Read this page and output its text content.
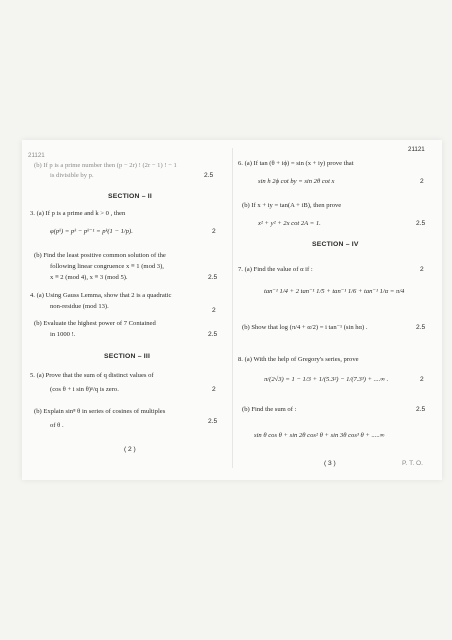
21121
(b) If p is a prime number then (p − 2r) ! (2r − 1) ! − 1
is divisible by p.	2.5
SECTION – II
3. (a) If p is a prime and k > 0 , then
φ(pᵏ) = pᵏ − pᵏ⁻¹ = pᵏ(1 − 1/p).	2
(b) Find the least positive common solution of the
following linear congruence x ≡ 1 (mod 3),
x ≡ 2 (mod 4), x ≡ 3 (mod 5).	2.5
4. (a) Using Gauss Lemma, show that 2 is a quadratic
non-residue (mod 13).
2
(b) Evaluate the highest power of 7 Contained
in 1000 !.	2.5
SECTION – III
5. (a) Prove that the sum of q distinct values of
(cos θ + i sin θ)ᵖ/q is zero.	2
(b) Explain sin⁸ θ in series of cosines of multiples
of θ .
2.5
( 2 )
21121
6. (a) If tan (θ + iϕ) = sin (x + iy) prove that
sin h 2ϕ cot by = sin 2θ cot x	2
(b) If x + iy = tan(A + iB), then prove
x² + y² + 2x cot 2A = 1.	2.5
SECTION – IV
7. (a) Find the value of α if :	2
tan⁻¹ 1/4 + 2 tan⁻¹ 1/5 + tan⁻¹ 1/6 + tan⁻¹ 1/α = π/4
(b) Show that log (π/4 + α/2) = i tan⁻¹ (sin hα) .	2.5
8. (a) With the help of Gregory's series, prove
π/(2√3) = 1 − 1/3 + 1/(5.3²) − 1/(7.3³) + ....∞ .	2
(b) Find the sum of :	2.5
sin θ cos θ + sin 2θ cos² θ + sin 3θ cos³ θ + .....∞
( 3 )	P. T. O.
